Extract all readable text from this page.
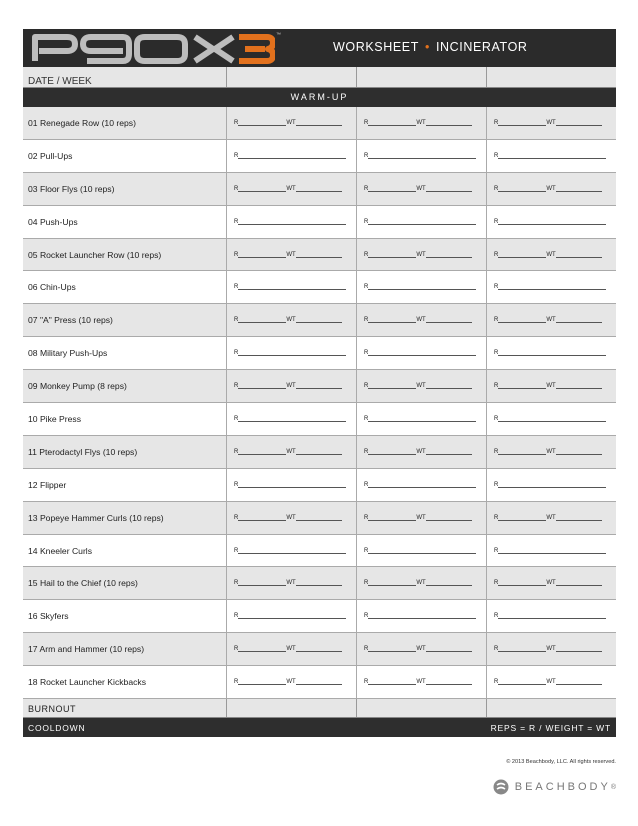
™
WORKSHEET • INCINERATOR
DATE / WEEK
WARM-UP
01 Renegade Row (10 reps)	R	WT	R	WT	R	WT
02 Pull-Ups	R	R	R
03 Floor Flys (10 reps)	R	WT	R	WT	R	WT
04 Push-Ups	R	R	R
05 Rocket Launcher Row (10 reps)	R	WT	R	WT	R	WT
06 Chin-Ups	R	R	R
07 "A" Press (10 reps)	R	WT	R	WT	R	WT
08 Military Push-Ups	R	R	R
09 Monkey Pump (8 reps)	R	WT	R	WT	R	WT
10 Pike Press	R	R	R
11 Pterodactyl Flys (10 reps)	R	WT	R	WT	R	WT
12 Flipper	R	R	R
13 Popeye Hammer Curls (10 reps)	R	WT	R	WT	R	WT
14 Kneeler Curls	R	R	R
15 Hail to the Chief (10 reps)	R	WT	R	WT	R	WT
16 Skyfers	R	R	R
17 Arm and Hammer (10 reps)	R	WT	R	WT	R	WT
18 Rocket Launcher Kickbacks	R	WT	R	WT	R	WT
BURNOUT
COOLDOWN	REPS = R / WEIGHT = WT
© 2013 Beachbody, LLC. All rights reserved.
BEACHBODY ®
